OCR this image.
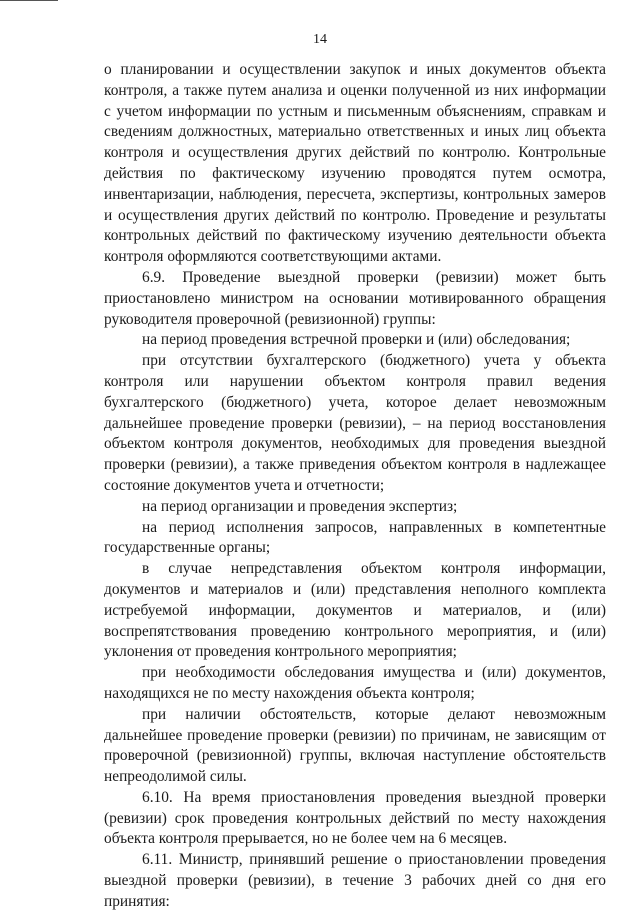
14

о планировании и осуществлении закупок и иных документов объекта контроля, а также путем анализа и оценки полученной из них информации с учетом информации по устным и письменным объяснениям, справкам и сведениям должностных, материально ответственных и иных лиц объекта контроля и осуществления других действий по контролю. Контрольные действия по фактическому изучению проводятся путем осмотра, инвентаризации, наблюдения, пересчета, экспертизы, контрольных замеров и осуществления других действий по контролю. Проведение и результаты контрольных действий по фактическому изучению деятельности объекта контроля оформляются соответствующими актами.

6.9. Проведение выездной проверки (ревизии) может быть приостановлено министром на основании мотивированного обращения руководителя проверочной (ревизионной) группы:

на период проведения встречной проверки и (или) обследования;

при отсутствии бухгалтерского (бюджетного) учета у объекта контроля или нарушении объектом контроля правил ведения бухгалтерского (бюджетного) учета, которое делает невозможным дальнейшее проведение проверки (ревизии), – на период восстановления объектом контроля документов, необходимых для проведения выездной проверки (ревизии), а также приведения объектом контроля в надлежащее состояние документов учета и отчетности;

на период организации и проведения экспертиз;

на период исполнения запросов, направленных в компетентные государственные органы;

в случае непредставления объектом контроля информации, документов и материалов и (или) представления неполного комплекта истребуемой информации, документов и материалов, и (или) воспрепятствования проведению контрольного мероприятия, и (или) уклонения от проведения контрольного мероприятия;

при необходимости обследования имущества и (или) документов, находящихся не по месту нахождения объекта контроля;

при наличии обстоятельств, которые делают невозможным дальнейшее проведение проверки (ревизии) по причинам, не зависящим от проверочной (ревизионной) группы, включая наступление обстоятельств непреодолимой силы.

6.10. На время приостановления проведения выездной проверки (ревизии) срок проведения контрольных действий по месту нахождения объекта контроля прерывается, но не более чем на 6 месяцев.

6.11. Министр, принявший решение о приостановлении проведения выездной проверки (ревизии), в течение 3 рабочих дней со дня его принятия:
